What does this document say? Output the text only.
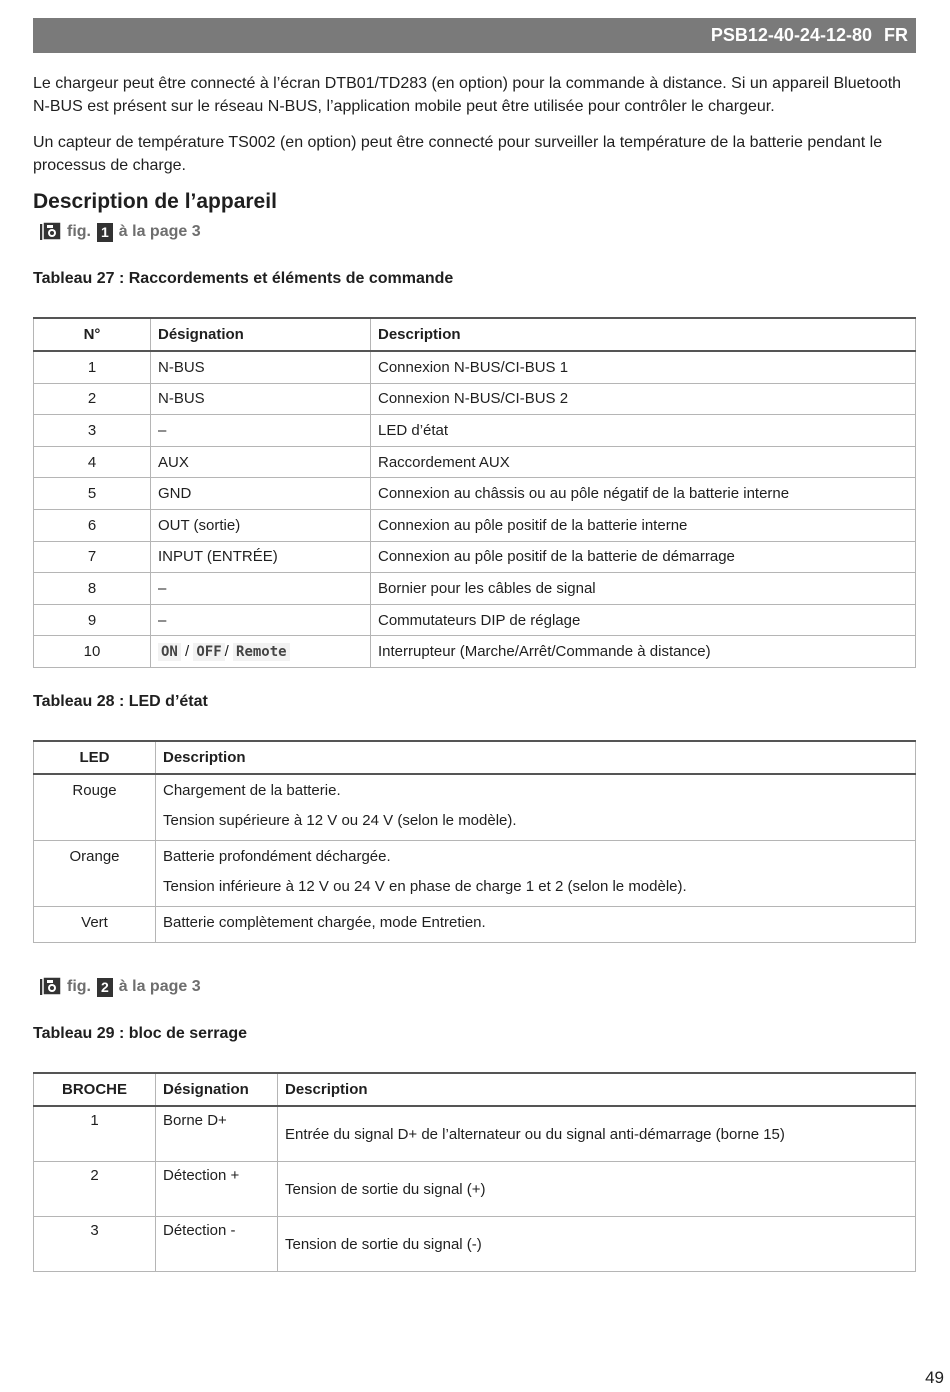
PSB12-40-24-12-80 FR

Le chargeur peut être connecté à l’écran DTB01/TD283 (en option) pour la commande à distance. Si un appareil Bluetooth N-BUS est présent sur le réseau N-BUS, l’application mobile peut être utilisée pour contrôler le chargeur.

Un capteur de température TS002 (en option) peut être connecté pour surveiller la température de la batterie pendant le processus de charge.

Description de l’appareil
fig. 1 à la page 3

Tableau 27 : Raccordements et éléments de commande

N°	Désignation	Description
1	N-BUS	Connexion N-BUS/CI-BUS 1
2	N-BUS	Connexion N-BUS/CI-BUS 2
3	–	LED d’état
4	AUX	Raccordement AUX
5	GND	Connexion au châssis ou au pôle négatif de la batterie interne
6	OUT (sortie)	Connexion au pôle positif de la batterie interne
7	INPUT (ENTRÉE)	Connexion au pôle positif de la batterie de démarrage
8	–	Bornier pour les câbles de signal
9	–	Commutateurs DIP de réglage
10	ON / OFF / Remote	Interrupteur (Marche/Arrêt/Commande à distance)

Tableau 28 : LED d’état

LED	Description
Rouge	Chargement de la batterie.

Tension supérieure à 12 V ou 24 V (selon le modèle).

Orange	Batterie profondément déchargée.

Tension inférieure à 12 V ou 24 V en phase de charge 1 et 2 (selon le modèle).

Vert	Batterie complètement chargée, mode Entretien.

fig. 2 à la page 3

Tableau 29 : bloc de serrage

BROCHE	Désignation	Description
1	Borne D+	Entrée du signal D+ de l’alternateur ou du signal anti-démarrage (borne 15)
2	Détection +	Tension de sortie du signal (+)
3	Détection -	Tension de sortie du signal (-)
49
